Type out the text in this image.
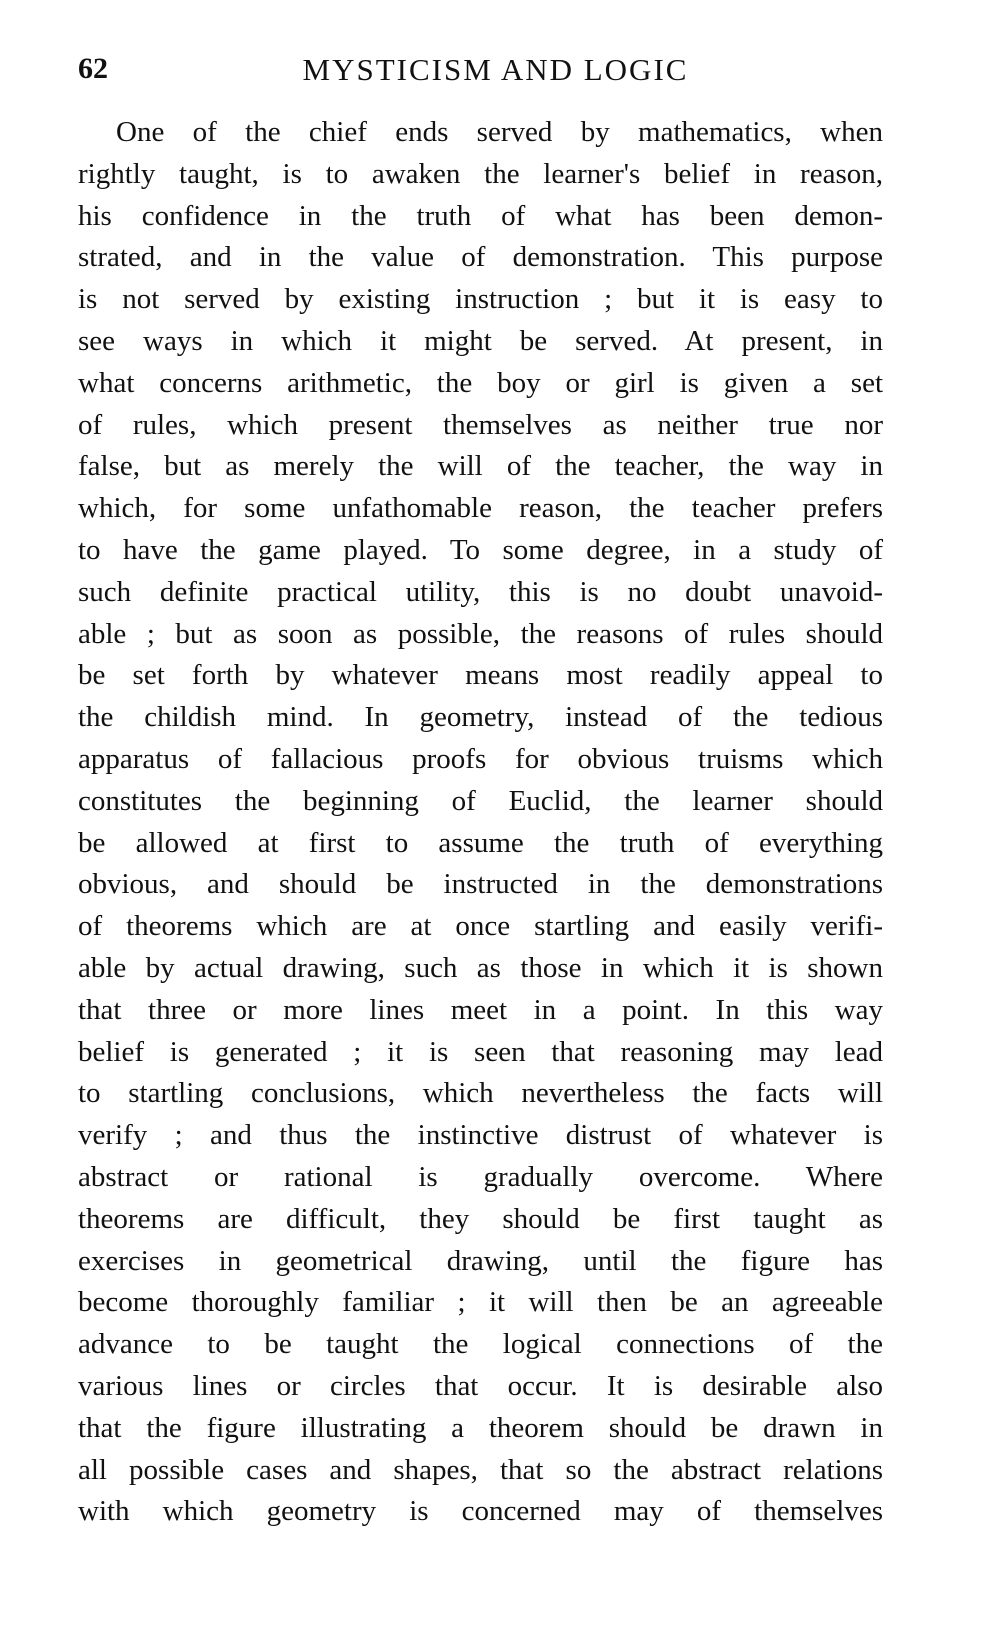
62	MYSTICISM AND LOGIC
One of the chief ends served by mathematics, when
rightly taught, is to awaken the learner's belief in reason,
his confidence in the truth of what has been demon-
strated, and in the value of demonstration. This purpose
is not served by existing instruction ; but it is easy to
see ways in which it might be served. At present, in
what concerns arithmetic, the boy or girl is given a set
of rules, which present themselves as neither true nor
false, but as merely the will of the teacher, the way in
which, for some unfathomable reason, the teacher prefers
to have the game played. To some degree, in a study of
such definite practical utility, this is no doubt unavoid-
able ; but as soon as possible, the reasons of rules should
be set forth by whatever means most readily appeal to
the childish mind. In geometry, instead of the tedious
apparatus of fallacious proofs for obvious truisms which
constitutes the beginning of Euclid, the learner should
be allowed at first to assume the truth of everything
obvious, and should be instructed in the demonstrations
of theorems which are at once startling and easily verifi-
able by actual drawing, such as those in which it is shown
that three or more lines meet in a point. In this way
belief is generated ; it is seen that reasoning may lead
to startling conclusions, which nevertheless the facts will
verify ; and thus the instinctive distrust of whatever is
abstract or rational is gradually overcome. Where
theorems are difficult, they should be first taught as
exercises in geometrical drawing, until the figure has
become thoroughly familiar ; it will then be an agreeable
advance to be taught the logical connections of the
various lines or circles that occur. It is desirable also
that the figure illustrating a theorem should be drawn in
all possible cases and shapes, that so the abstract relations
with which geometry is concerned may of themselves
